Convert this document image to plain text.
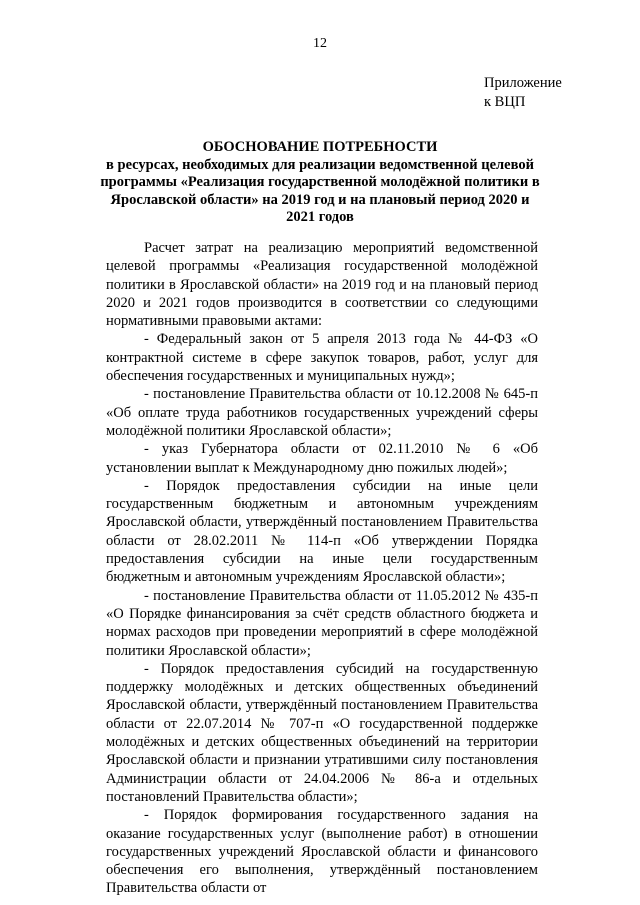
12
Приложение
к ВЦП
ОБОСНОВАНИЕ ПОТРЕБНОСТИ
в ресурсах, необходимых для реализации ведомственной целевой программы «Реализация государственной молодёжной политики в Ярославской области» на 2019 год и на плановый период 2020 и 2021 годов

Расчет затрат на реализацию мероприятий ведомственной целевой программы «Реализация государственной молодёжной политики в Ярославской области» на 2019 год и на плановый период 2020 и 2021 годов производится в соответствии со следующими нормативными правовыми актами:

- Федеральный закон от 5 апреля 2013 года № 44-ФЗ «О контрактной системе в сфере закупок товаров, работ, услуг для обеспечения государственных и муниципальных нужд»;

- постановление Правительства области от 10.12.2008 № 645-п «Об оплате труда работников государственных учреждений сферы молодёжной политики Ярославской области»;

- указ Губернатора области от 02.11.2010 № 6 «Об установлении выплат к Международному дню пожилых людей»;

- Порядок предоставления субсидии на иные цели государственным бюджетным и автономным учреждениям Ярославской области, утверждённый постановлением Правительства области от 28.02.2011 № 114-п «Об утверждении Порядка предоставления субсидии на иные цели государственным бюджетным и автономным учреждениям Ярославской области»;

- постановление Правительства области от 11.05.2012 № 435-п «О Порядке финансирования за счёт средств областного бюджета и нормах расходов при проведении мероприятий в сфере молодёжной политики Ярославской области»;

- Порядок предоставления субсидий на государственную поддержку молодёжных и детских общественных объединений Ярославской области, утверждённый постановлением Правительства области от 22.07.2014 № 707-п «О государственной поддержке молодёжных и детских общественных объединений на территории Ярославской области и признании утратившими силу постановления Администрации области от 24.04.2006 № 86-а и отдельных постановлений Правительства области»;

- Порядок формирования государственного задания на оказание государственных услуг (выполнение работ) в отношении государственных учреждений Ярославской области и финансового обеспечения его выполнения, утверждённый постановлением Правительства области от
